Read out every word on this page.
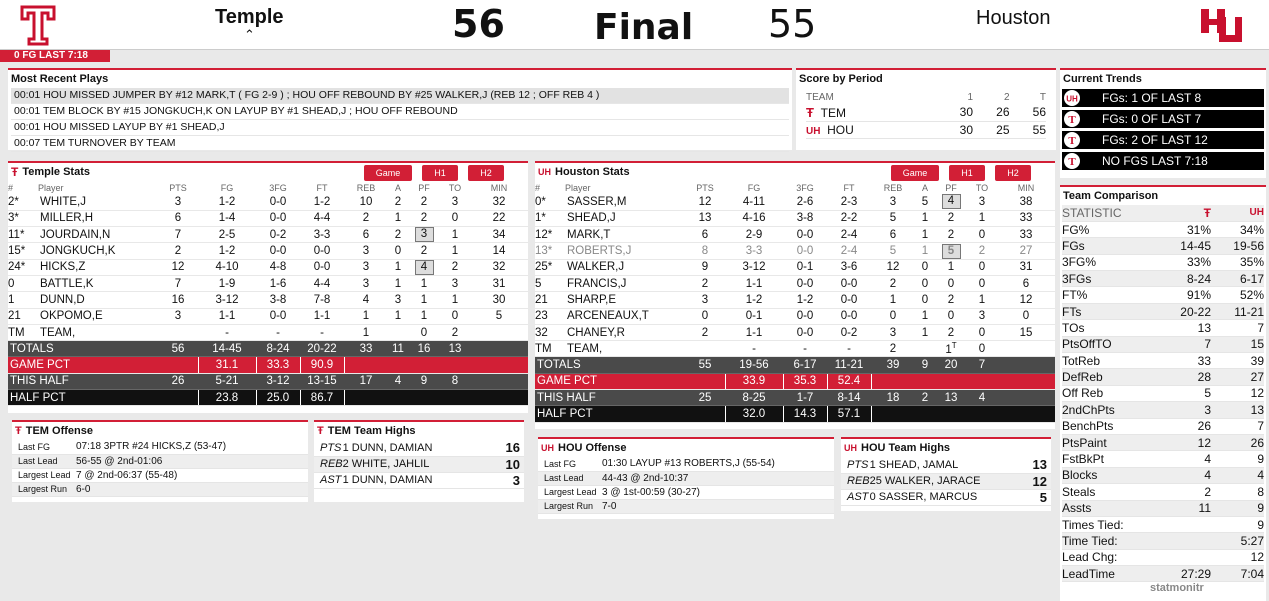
Temple
⌃	56 Final 55	Houston
0 FG LAST 7:18
Most Recent Plays
00:01 HOU MISSED JUMPER BY #12 MARK,T ( FG 2-9 ) ; HOU OFF REBOUND BY #25 WALKER,J (REB 12 ; OFF REB 4 )
00:01 TEM BLOCK BY #15 JONGKUCH,K ON LAYUP BY #1 SHEAD,J ; HOU OFF REBOUND
00:01 HOU MISSED LAYUP BY #1 SHEAD,J
00:07 TEM TURNOVER BY TEAM
Score by Period
TEAM	1	2	T
Ŧ TEM	30	26	56
UH HOU	30	25	55
Current Trends
UH FGs: 1 OF LAST 8
T FGs: 0 OF LAST 7
T FGs: 2 OF LAST 12
T NO FGS LAST 7:18
Ŧ Temple Stats	Game	H1	H2
#	Player	PTS	FG	3FG	FT	REB	A	PF	TO	MIN
2*	WHITE,J	3	1-2	0-0	1-2	10	2	2	3	32
3*	MILLER,H	6	1-4	0-0	4-4	2	1	2	0	22
11*	JOURDAIN,N	7	2-5	0-2	3-3	6	2	3	1	34
15*	JONGKUCH,K	2	1-2	0-0	0-0	3	0	2	1	14
24*	HICKS,Z	12	4-10	4-8	0-0	3	1	4	2	32
0	BATTLE,K	7	1-9	1-6	4-4	3	1	1	3	31
1	DUNN,D	16	3-12	3-8	7-8	4	3	1	1	30
21	OKPOMO,E	3	1-1	0-0	1-1	1	1	1	0	5
TM	TEAM,		-	-	-	1		0	2	
TOTALS		56	14-45	8-24	20-22	33	11	16	13	
GAME PCT			31.1	33.3	90.9					
THIS HALF		26	5-21	3-12	13-15	17	4	9	8	
HALF PCT			23.8	25.0	86.7					
UH Houston Stats	Game	H1	H2
#	Player	PTS	FG	3FG	FT	REB	A	PF	TO	MIN
0*	SASSER,M	12	4-11	2-6	2-3	3	5	4	3	38
1*	SHEAD,J	13	4-16	3-8	2-2	5	1	2	1	33
12*	MARK,T	6	2-9	0-0	2-4	6	1	2	0	33
13*	ROBERTS,J	8	3-3	0-0	2-4	5	1	5	2	27
25*	WALKER,J	9	3-12	0-1	3-6	12	0	1	0	31
5	FRANCIS,J	2	1-1	0-0	0-0	2	0	0	0	6
21	SHARP,E	3	1-2	1-2	0-0	1	0	2	1	12
23	ARCENEAUX,T	0	0-1	0-0	0-0	0	1	0	3	0
32	CHANEY,R	2	1-1	0-0	0-2	3	1	2	0	15
TM	TEAM,		-	-	-	2		$1^T$	0	
TOTALS		55	19-56	6-17	11-21	39	9	20	7	
GAME PCT			33.9	35.3	52.4					
THIS HALF		25	8-25	1-7	8-14	18	2	13	4	
HALF PCT			32.0	14.3	57.1					
Ŧ TEM Offense
Last FG	07:18 3PTR #24 HICKS,Z (53-47)
Last Lead	56-55 @ 2nd-01:06
Largest Lead	7 @ 2nd-06:37 (55-48)
Largest Run	6-0
Ŧ TEM Team Highs
PTS	1 DUNN, DAMIAN	16
REB	2 WHITE, JAHLIL	10
AST	1 DUNN, DAMIAN	3
UH HOU Offense
Last FG	01:30 LAYUP #13 ROBERTS,J (55-54)
Last Lead	44-43 @ 2nd-10:37
Largest Lead	3 @ 1st-00:59 (30-27)
Largest Run	7-0
UH HOU Team Highs
PTS	1 SHEAD, JAMAL	13
REB	25 WALKER, JARACE	12
AST	0 SASSER, MARCUS	5
Team Comparison
STATISTIC	Ŧ	UH
FG%	31%	34%
FGs	14-45	19-56
3FG%	33%	35%
3FGs	8-24	6-17
FT%	91%	52%
FTs	20-22	11-21
TOs	13	7
PtsOffTO	7	15
TotReb	33	39
DefReb	28	27
Off Reb	5	12
2ndChPts	3	13
BenchPts	26	7
PtsPaint	12	26
FstBkPt	4	9
Blocks	4	4
Steals	2	8
Assts	11	9
Times Tied:		9
Time Tied:		5:27
Lead Chg:		12
LeadTime	27:29	7:04
statmonitr
